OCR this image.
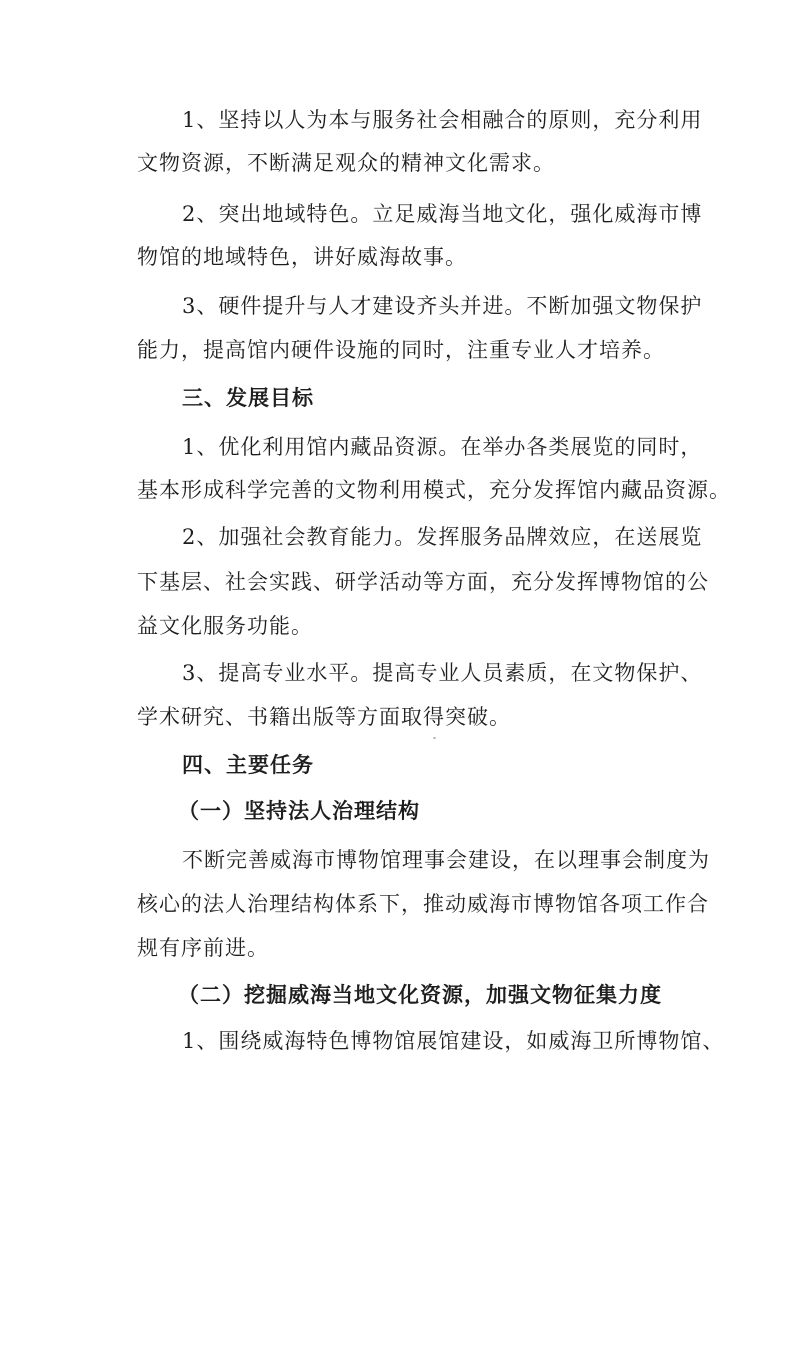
1、坚持以人为本与服务社会相融合的原则，充分利用
文物资源，不断满足观众的精神文化需求。
2、突出地域特色。立足威海当地文化，强化威海市博
物馆的地域特色，讲好威海故事。
3、硬件提升与人才建设齐头并进。不断加强文物保护
能力，提高馆内硬件设施的同时，注重专业人才培养。
三、发展目标
1、优化利用馆内藏品资源。在举办各类展览的同时，
基本形成科学完善的文物利用模式，充分发挥馆内藏品资源。
2、加强社会教育能力。发挥服务品牌效应，在送展览
下基层、社会实践、研学活动等方面，充分发挥博物馆的公
益文化服务功能。
3、提高专业水平。提高专业人员素质，在文物保护、
学术研究、书籍出版等方面取得突破。
四、主要任务
（一）坚持法人治理结构
不断完善威海市博物馆理事会建设，在以理事会制度为
核心的法人治理结构体系下，推动威海市博物馆各项工作合
规有序前进。
（二）挖掘威海当地文化资源，加强文物征集力度
1、围绕威海特色博物馆展馆建设，如威海卫所博物馆、
